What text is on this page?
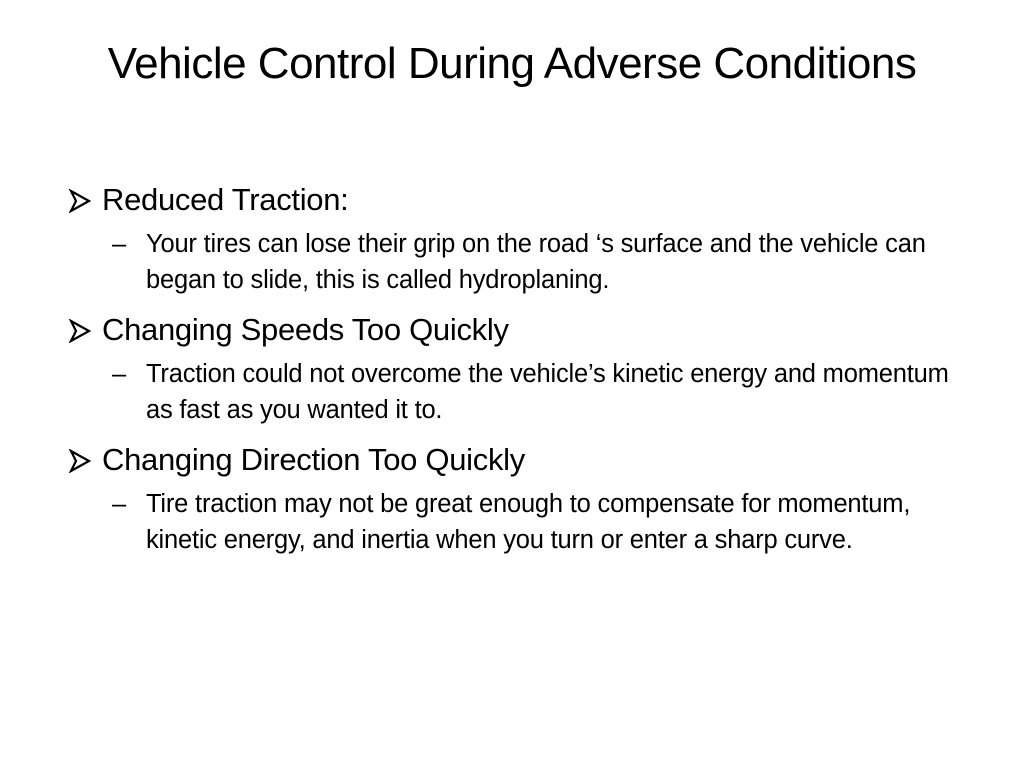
Vehicle Control During Adverse Conditions
Reduced Traction:
– Your tires can lose their grip on the road ‘s surface and the vehicle can began to slide, this is called hydroplaning.
Changing Speeds Too Quickly
– Traction could not overcome the vehicle’s kinetic energy and momentum as fast as you wanted it to.
Changing Direction Too Quickly
– Tire traction may not be great enough to compensate for momentum, kinetic energy, and inertia when you turn or enter a sharp curve.
